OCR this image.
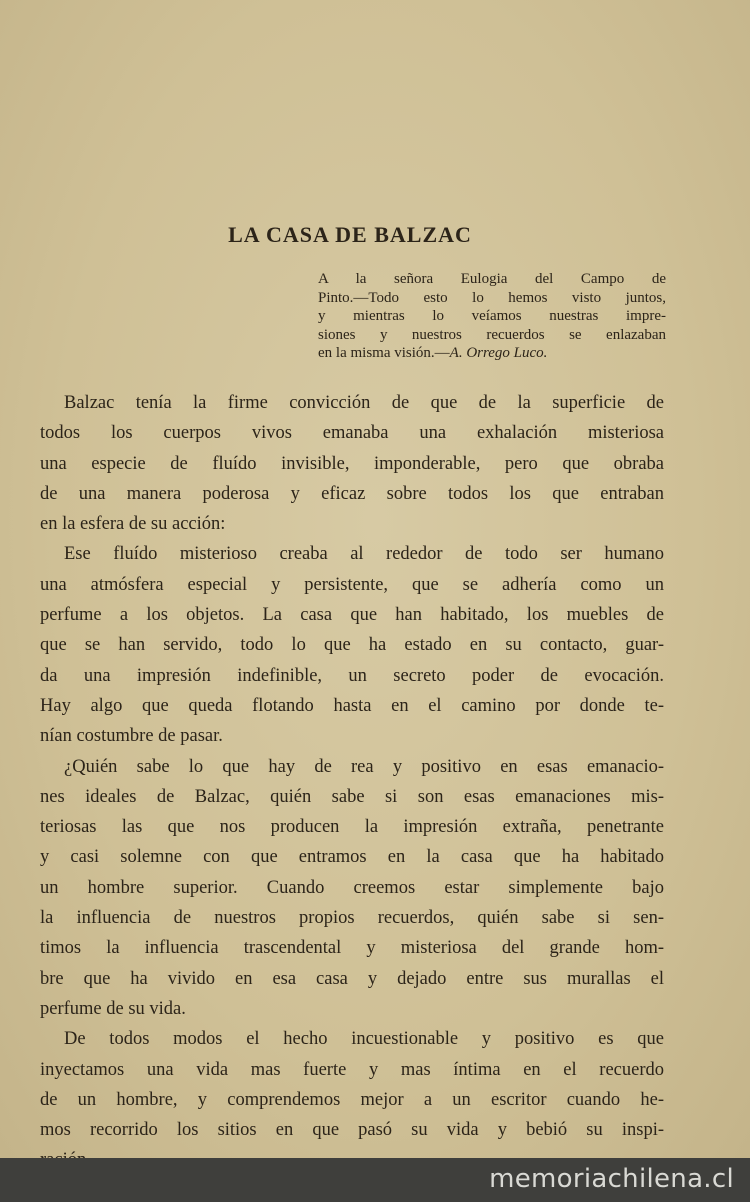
LA CASA DE BALZAC
A la señora Eulogia del Campo de
Pinto.—Todo esto lo hemos visto juntos,
y mientras lo veíamos nuestras impre-
siones y nuestros recuerdos se enlazaban
en la misma visión.—A. Orrego Luco.
Balzac tenía la firme convicción de que de la superficie de
todos los cuerpos vivos emanaba una exhalación misteriosa
una especie de fluído invisible, imponderable, pero que obraba
de una manera poderosa y eficaz sobre todos los que entraban
en la esfera de su acción:
Ese fluído misterioso creaba al rededor de todo ser humano
una atmósfera especial y persistente, que se adhería como un
perfume a los objetos. La casa que han habitado, los muebles de
que se han servido, todo lo que ha estado en su contacto, guar-
da una impresión indefinible, un secreto poder de evocación.
Hay algo que queda flotando hasta en el camino por donde te-
nían costumbre de pasar.
¿Quién sabe lo que hay de rea y positivo en esas emanacio-
nes ideales de Balzac, quién sabe si son esas emanaciones mis-
teriosas las que nos producen la impresión extraña, penetrante
y casi solemne con que entramos en la casa que ha habitado
un hombre superior. Cuando creemos estar simplemente bajo
la influencia de nuestros propios recuerdos, quién sabe si sen-
timos la influencia trascendental y misteriosa del grande hom-
bre que ha vivido en esa casa y dejado entre sus murallas el
perfume de su vida.
De todos modos el hecho incuestionable y positivo es que
inyectamos una vida mas fuerte y mas íntima en el recuerdo
de un hombre, y comprendemos mejor a un escritor cuando he-
mos recorrido los sitios en que pasó su vida y bebió su inspi-
memoriachilena.cl
